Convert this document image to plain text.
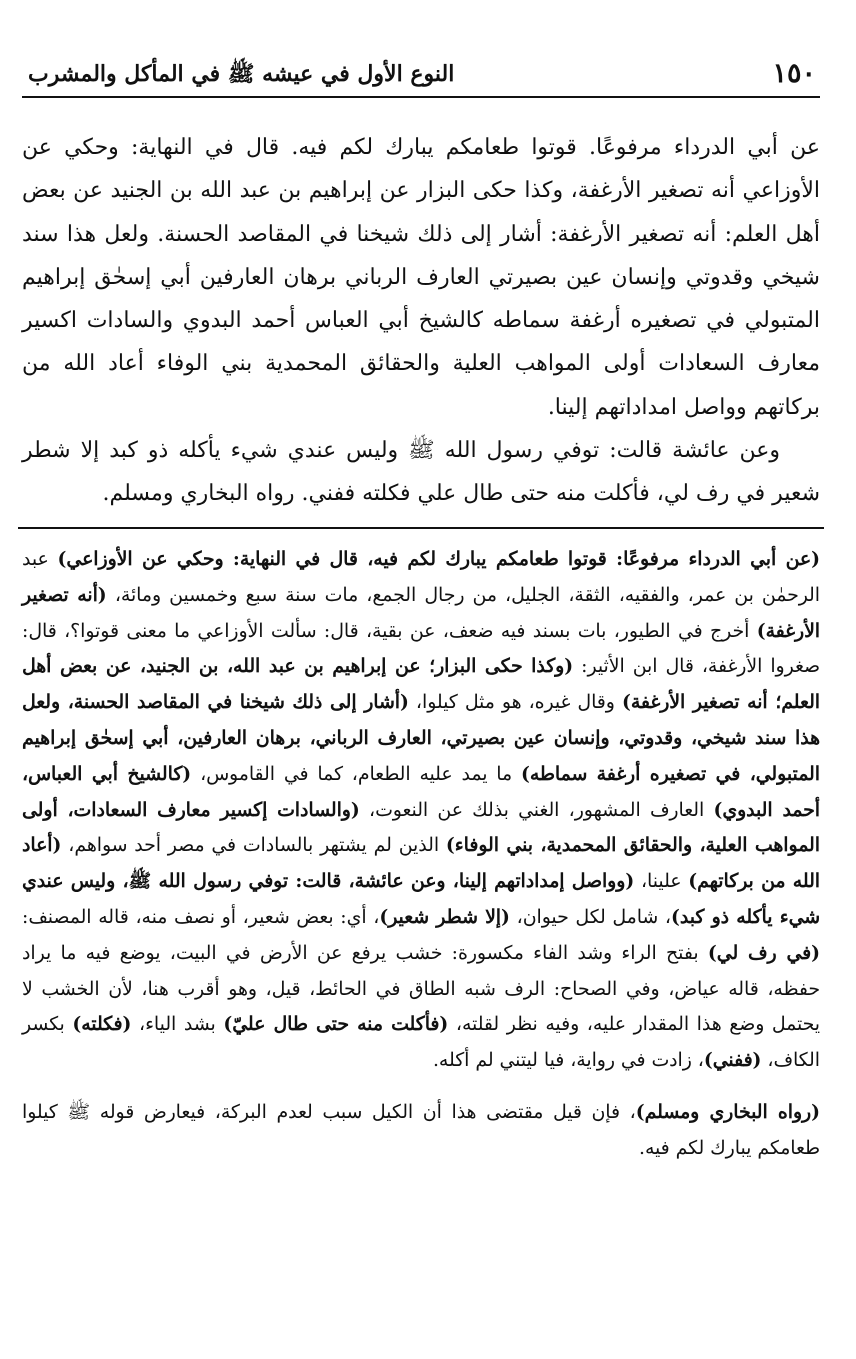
١٥٠
النوع الأول في عيشه ﷺ في المأكل والمشرب

عن أبي الدرداء مرفوعًا. قوتوا طعامكم يبارك لكم فيه. قال في النهاية: وحكي عن الأوزاعي أنه تصغير الأرغفة، وكذا حكى البزار عن إبراهيم بن عبد الله بن الجنيد عن بعض أهل العلم: أنه تصغير الأرغفة: أشار إلى ذلك شيخنا في المقاصد الحسنة. ولعل هذا سند شيخي وقدوتي وإنسان عين بصيرتي العارف الرباني برهان العارفين أبي إسحٰق إبراهيم المتبولي في تصغيره أرغفة سماطه كالشيخ أبي العباس أحمد البدوي والسادات اكسير معارف السعادات أولى المواهب العلية والحقائق المحمدية بني الوفاء أعاد الله من بركاتهم وواصل امداداتهم إلينا.

وعن عائشة قالت: توفي رسول الله ﷺ وليس عندي شيء يأكله ذو كبد إلا شطر شعير في رف لي، فأكلت منه حتى طال علي فكلته ففني. رواه البخاري ومسلم.

(عن أبي الدرداء مرفوعًا: قوتوا طعامكم يبارك لكم فيه، قال في النهاية: وحكي عن الأوزاعي) عبد الرحمٰن بن عمر، والفقيه، الثقة، الجليل، من رجال الجمع، مات سنة سبع وخمسين ومائة، (أنه تصغير الأرغفة) أخرج في الطيور، بات بسند فيه ضعف، عن بقية، قال: سألت الأوزاعي ما معنى قوتوا؟، قال: صغروا الأرغفة، قال ابن الأثير: (وكذا حكى البزار؛ عن إبراهيم بن عبد الله، بن الجنيد، عن بعض أهل العلم؛ أنه تصغير الأرغفة) وقال غيره، هو مثل كيلوا، (أشار إلى ذلك شيخنا في المقاصد الحسنة، ولعل هذا سند شيخي، وقدوتي، وإنسان عين بصيرتي، العارف الرباني، برهان العارفين، أبي إسحٰق إبراهيم المتبولي، في تصغيره أرغفة سماطه) ما يمد عليه الطعام، كما في القاموس، (كالشيخ أبي العباس، أحمد البدوي) العارف المشهور، الغني بذلك عن النعوت، (والسادات إكسير معارف السعادات، أولى المواهب العلية، والحقائق المحمدية، بني الوفاء) الذين لم يشتهر بالسادات في مصر أحد سواهم، (أعاد الله من بركاتهم) علينا، (وواصل إمداداتهم إلينا، وعن عائشة، قالت: توفي رسول الله ﷺ، وليس عندي شيء يأكله ذو كبد)، شامل لكل حيوان، (إلا شطر شعير)، أي: بعض شعير، أو نصف منه، قاله المصنف: (في رف لي) بفتح الراء وشد الفاء مكسورة: خشب يرفع عن الأرض في البيت، يوضع فيه ما يراد حفظه، قاله عياض، وفي الصحاح: الرف شبه الطاق في الحائط، قيل، وهو أقرب هنا، لأن الخشب لا يحتمل وضع هذا المقدار عليه، وفيه نظر لقلته، (فأكلت منه حتى طال عليّ) بشد الياء، (فكلته) بكسر الكاف، (ففني)، زادت في رواية، فيا ليتني لم أكله.

(رواه البخاري ومسلم)، فإن قيل مقتضى هذا أن الكيل سبب لعدم البركة، فيعارض قوله ﷺ كيلوا طعامكم يبارك لكم فيه.
